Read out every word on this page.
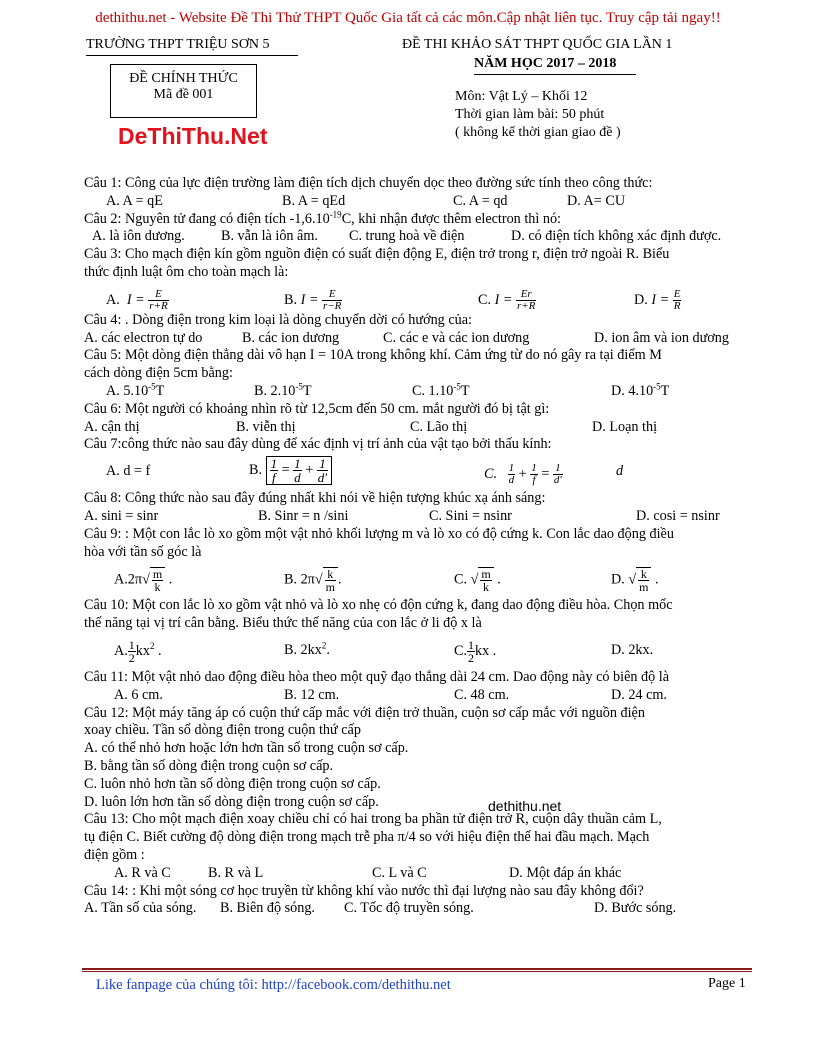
dethithu.net - Website Đề Thi Thử THPT Quốc Gia tất cả các môn.Cập nhật liên tục. Truy cập tải ngay!!
TRƯỜNG THPT TRIỆU SƠN 5	ĐỀ THI KHẢO SÁT THPT QUỐC GIA LẦN 1
NĂM HỌC 2017 – 2018
ĐỀ CHÍNH THỨC
Mã đề 001
DeThiThu.Net
Môn: Vật Lý – Khối 12
Thời gian làm bài: 50 phút
( không kể thời gian giao đề )
Câu 1: Công của lực điện trường làm điện tích dịch chuyển dọc theo đường sức tính theo công thức:
A. A = qE	B. A = qEd	C. A = qd	D. A= CU
Câu 2: Nguyên tử đang có điện tích $-1,6.10^{-19}C$, khi nhận được thêm electron thì nó:
A. là iôn dương.	B. vẫn là iôn âm. C. trung hoà về điện	D. có điện tích không xác định được.
Câu 3: Cho mạch điện kín gồm nguồn điện có suất điện động E, điện trở trong r, điện trở ngoài R. Biểu
thức định luật ôm cho toàn mạch là:
A. $I = \frac{E}{r+R}$	B. $I = \frac{E}{r-R}$	C. $I = \frac{Er}{r+R}$	D. $I = \frac{E}{R}$
Câu 4: . Dòng điện trong kim loại là dòng chuyển dời có hướng của:
A. các electron tự do	B. các ion dương	C. các e và các ion dương	D. ion âm và ion dương
Câu 5: Một dòng điện thẳng dài vô hạn I = 10A trong không khí. Cảm ứng từ do nó gây ra tại điểm M
cách dòng điện 5cm bằng:
A. $5.10^{-5}T$	B. $2.10^{-5}T$	C. $1.10^{-5}T$	D. $4.10^{-5}T$
Câu 6: Một người có khoảng nhìn rõ từ 12,5cm đến 50 cm. mắt người đó bị tật gì:
A. cận thị	B. viễn thị	C. Lão thị	D. Loạn thị
Câu 7:công thức nào sau đây dùng để xác định vị trí ảnh của vật tạo bởi thấu kính:
A. d = f	B. $\frac{1}{f} = \frac{1}{d} + \frac{1}{d'}$	C. $\frac{1}{d} + \frac{1}{f} = \frac{1}{d'}$	d
Câu 8: Công thức nào sau đây đúng nhất khi nói về hiện tượng khúc xạ ánh sáng:
A. sini = sinr	B. Sinr = n /sini	C. Sini = nsinr	D. cosi = nsinr
Câu 9: : Một con lắc lò xo gồm một vật nhỏ khối lượng m và lò xo có độ cứng k. Con lắc dao động điều
hòa với tần số góc là
$A.2\pi√ \frac{m}{k}$ .	B. $2\pi√ \frac{k}{m}$ .	C. √ $\frac{m}{k}$ .	D. √ $\frac{k}{m}$ .
Câu 10: Một con lắc lò xo gồm vật nhỏ và lò xo nhẹ có độn cứng k, đang dao động điều hòa. Chọn mốc
thế năng tại vị trí cân bằng. Biểu thức thế năng của con lắc ở li độ x là
A. $\frac{1}{2} kx^2$ .	B. $2kx^2$.	C. $\frac{1}{2}$ kx .	D. 2kx.
Câu 11: Một vật nhỏ dao động điều hòa theo một quỹ đạo thẳng dài 24 cm. Dao động này có biên độ là
A. 6 cm.	B. 12 cm.	C. 48 cm.	D. 24 cm.
Câu 12: Một máy tăng áp có cuộn thứ cấp mắc với điện trở thuần, cuộn sơ cấp mắc với nguồn điện
xoay chiều. Tần số dòng điện trong cuộn thứ cấp
A. có thể nhỏ hơn hoặc lớn hơn tần số trong cuộn sơ cấp.
B. bằng tần số dòng điện trong cuộn sơ cấp.
C. luôn nhỏ hơn tần số dòng điện trong cuộn sơ cấp.
D. luôn lớn hơn tần số dòng điện trong cuộn sơ cấp.
Câu 13: Cho một mạch điện xoay chiều chỉ có hai trong ba phần tử điện trở R, cuộn dây thuần cảm L,
tụ điện C. Biết cường độ dòng điện trong mạch trễ pha π/4 so với hiệu điện thế hai đầu mạch. Mạch
điện gồm :
A. R và C	B. R và L	C. L và C	D. Một đáp án khác
Câu 14: : Khi một sóng cơ học truyền từ không khí vào nước thì đại lượng nào sau đây không đổi?
A. Tần số của sóng. B. Biên độ sóng. C. Tốc độ truyền sóng.	D. Bước sóng.
dethithu.net
Like fanpage của chúng tôi: http://facebook.com/dethithu.net	Page 1
